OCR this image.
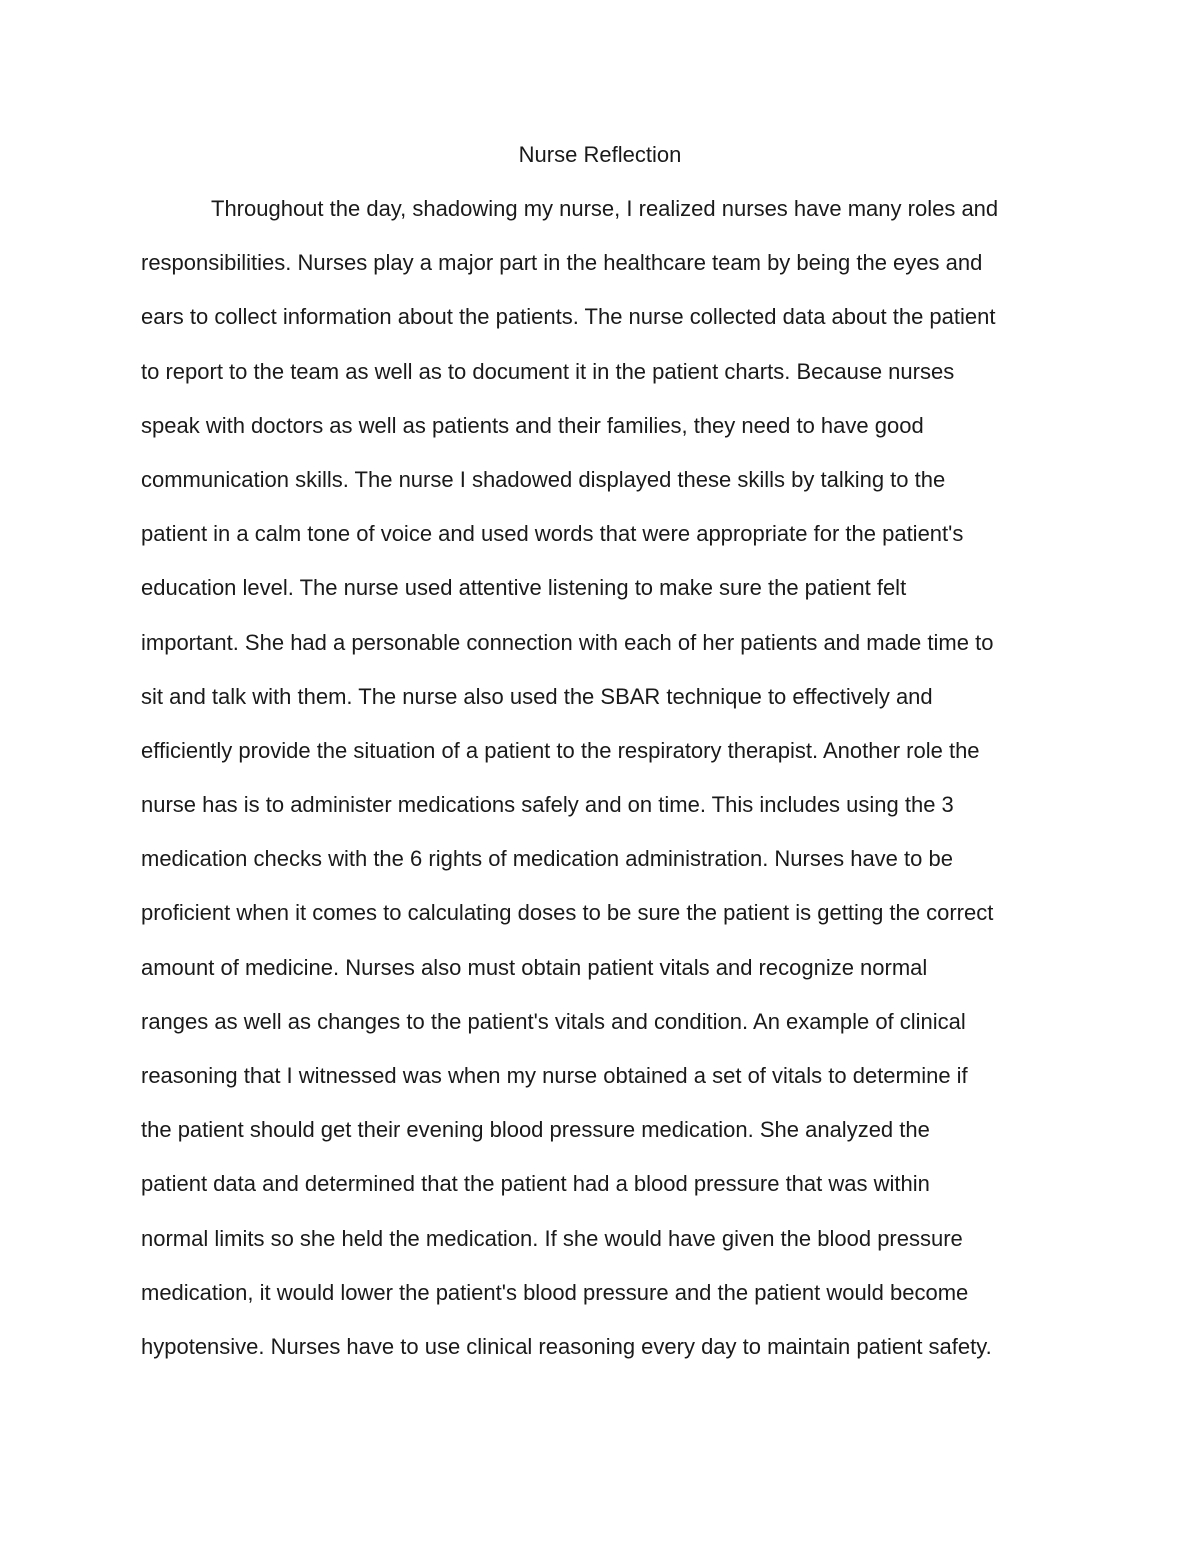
Nurse Reflection
Throughout the day, shadowing my nurse, I realized nurses have many roles and
responsibilities. Nurses play a major part in the healthcare team by being the eyes and
ears to collect information about the patients. The nurse collected data about the patient
to report to the team as well as to document it in the patient charts. Because nurses
speak with doctors as well as patients and their families, they need to have good
communication skills. The nurse I shadowed displayed these skills by talking to the
patient in a calm tone of voice and used words that were appropriate for the patient's
education level. The nurse used attentive listening to make sure the patient felt
important. She had a personable connection with each of her patients and made time to
sit and talk with them. The nurse also used the SBAR technique to effectively and
efficiently provide the situation of a patient to the respiratory therapist. Another role the
nurse has is to administer medications safely and on time. This includes using the 3
medication checks with the 6 rights of medication administration. Nurses have to be
proficient when it comes to calculating doses to be sure the patient is getting the correct
amount of medicine. Nurses also must obtain patient vitals and recognize normal
ranges as well as changes to the patient's vitals and condition. An example of clinical
reasoning that I witnessed was when my nurse obtained a set of vitals to determine if
the patient should get their evening blood pressure medication. She analyzed the
patient data and determined that the patient had a blood pressure that was within
normal limits so she held the medication. If she would have given the blood pressure
medication, it would lower the patient's blood pressure and the patient would become
hypotensive. Nurses have to use clinical reasoning every day to maintain patient safety.
